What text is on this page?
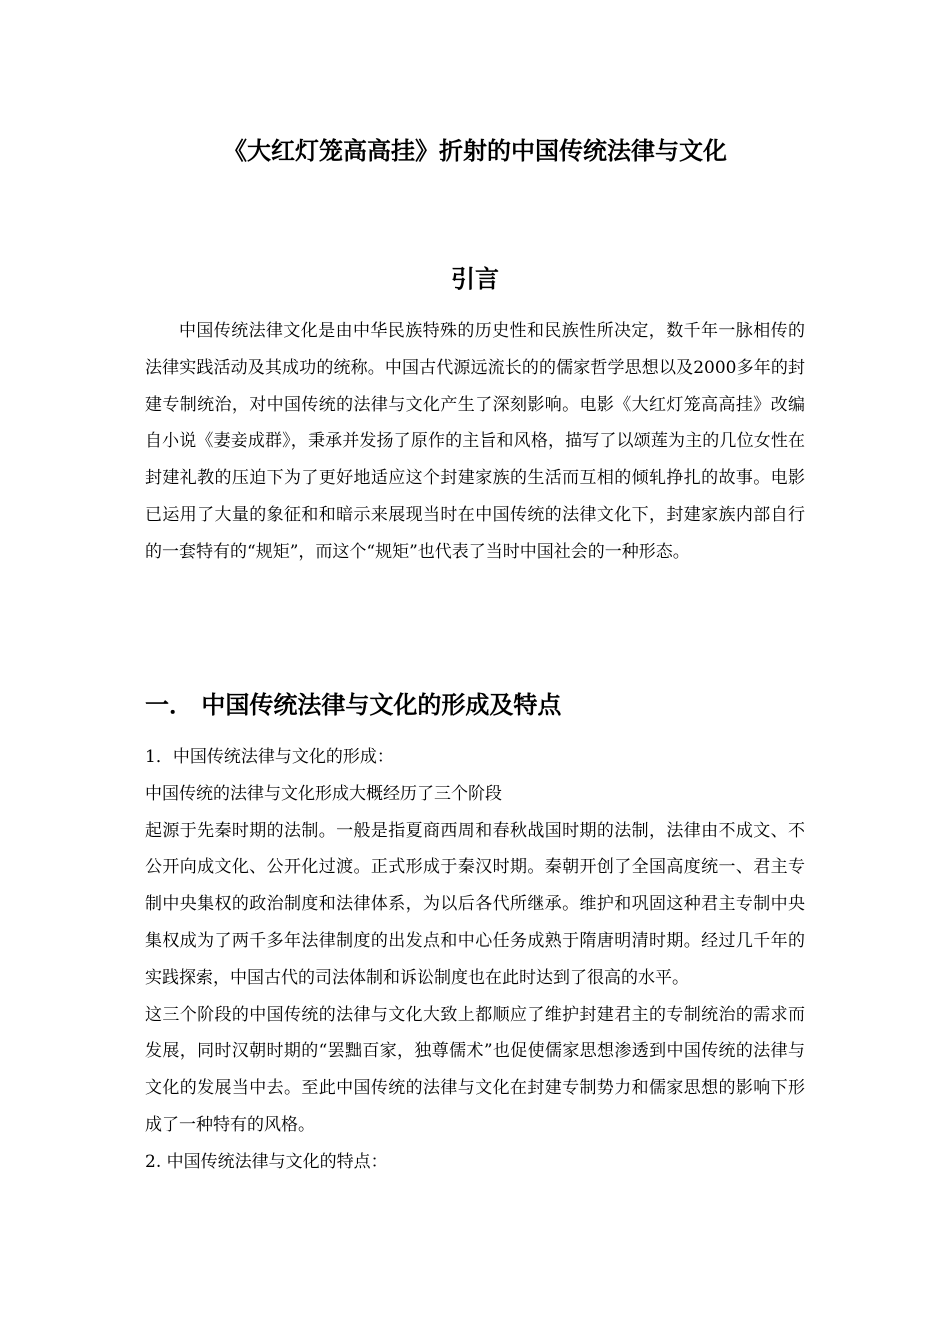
《大红灯笼高高挂》折射的中国传统法律与文化
引言

中国传统法律文化是由中华民族特殊的历史性和民族性所决定，数千年一脉相传的法律实践活动及其成功的统称。中国古代源远流长的的儒家哲学思想以及2000多年的封建专制统治，对中国传统的法律与文化产生了深刻影响。电影《大红灯笼高高挂》改编自小说《妻妾成群》，秉承并发扬了原作的主旨和风格，描写了以颂莲为主的几位女性在封建礼教的压迫下为了更好地适应这个封建家族的生活而互相的倾轧挣扎的故事。电影已运用了大量的象征和和暗示来展现当时在中国传统的法律文化下，封建家族内部自行的一套特有的“规矩”，而这个“规矩”也代表了当时中国社会的一种形态。

一． 中国传统法律与文化的形成及特点

1．中国传统法律与文化的形成：

中国传统的法律与文化形成大概经历了三个阶段

起源于先秦时期的法制。一般是指夏商西周和春秋战国时期的法制，法律由不成文、不公开向成文化、公开化过渡。正式形成于秦汉时期。秦朝开创了全国高度统一、君主专制中央集权的政治制度和法律体系，为以后各代所继承。维护和巩固这种君主专制中央集权成为了两千多年法律制度的出发点和中心任务成熟于隋唐明清时期。经过几千年的实践探索，中国古代的司法体制和诉讼制度也在此时达到了很高的水平。

这三个阶段的中国传统的法律与文化大致上都顺应了维护封建君主的专制统治的需求而发展，同时汉朝时期的“罢黜百家，独尊儒术”也促使儒家思想渗透到中国传统的法律与文化的发展当中去。至此中国传统的法律与文化在封建专制势力和儒家思想的影响下形成了一种特有的风格。

2. 中国传统法律与文化的特点：
